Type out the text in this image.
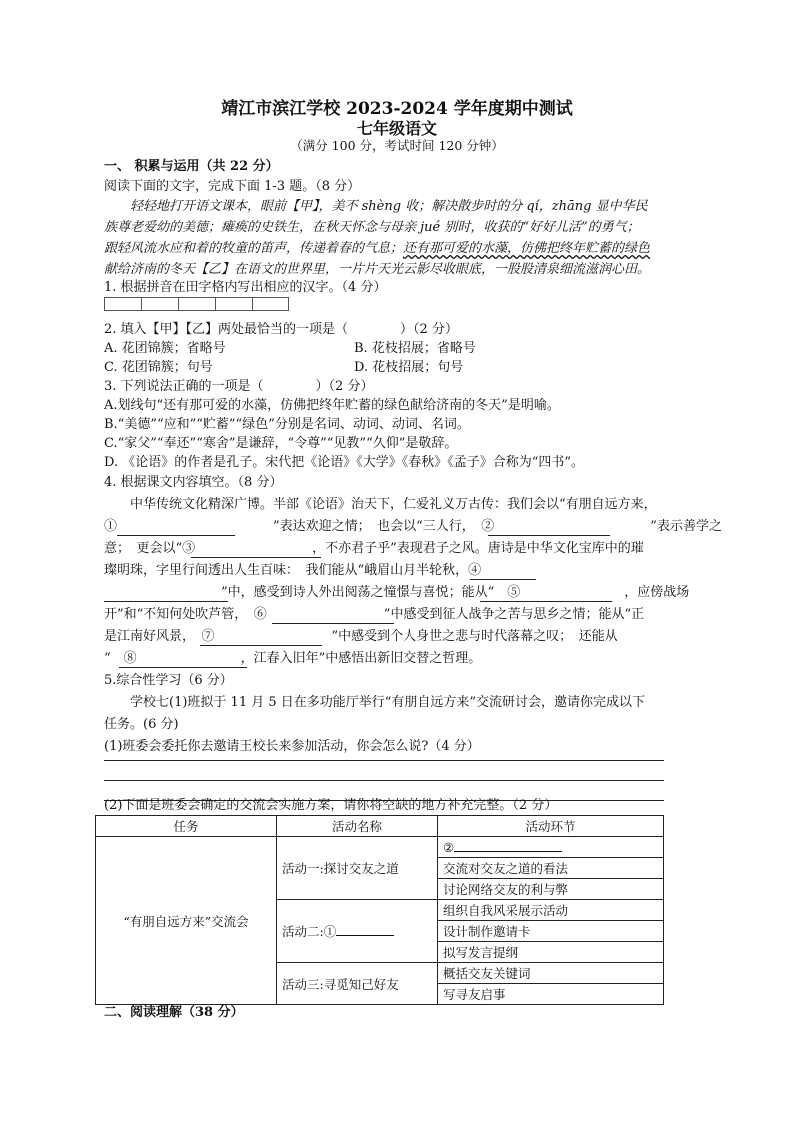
靖江市滨江学校 2023-2024 学年度期中测试
七年级语文
（满分 100 分，考试时间 120 分钟）
一、 积累与运用（共 22 分）
阅读下面的文字，完成下面 1-3 题。（8 分）
轻轻地打开语文课本，眼前【甲】，美不 shèng 收；解决散步时的分 qí，zhāng 显中华民
族尊老爱幼的美德；瘫痪的史铁生，在秋天怀念与母亲 jué 别时，收获的“好好儿活”的勇气；
跟轻风流水应和着的牧童的笛声，传递着春的气息；还有那可爱的水藻，仿佛把终年贮蓄的绿色
献给济南的冬天【乙】在语文的世界里，一片片天光云影尽收眼底，一股股清泉细流滋润心田。
1. 根据拼音在田字格内写出相应的汉字。（4 分）
2. 填入【甲】【乙】两处最恰当的一项是（　　　　）（2 分）
A. 花团锦簇；省略号	B. 花枝招展；省略号
C. 花团锦簇；句号	D. 花枝招展；句号
3. 下列说法正确的一项是（　　　　）（2 分）
A.划线句“还有那可爱的水藻，仿佛把终年贮蓄的绿色献给济南的冬天”是明喻。
B.“美德”“应和”“贮蓄”“绿色”分别是名词、动词、动词、名词。
C.“家父”“奉还”“寒舍”是谦辞，“令尊”“见教”“久仰”是敬辞。
D. 《论语》的作者是孔子。宋代把《论语》《大学》《春秋》《孟子》合称为“四书”。
4. 根据课文内容填空。（8 分）
中华传统文化精深广博。半部《论语》治天下，仁爱礼义万古传：我们会以“有朋自远方来，
①　　　　　　　　　　　　”表达欢迎之情；　也会以“三人行，　②　　　　　　　　　　　　”表示善学之
意；　更会以“③　　　　　　　　　，不亦君子乎”表现君子之风。唐诗是中华文化宝库中的璀
璨明珠，字里行间透出人生百味：　我们能从“峨眉山月半轮秋，④　　　　　　
　　　　　　　　　”中，感受到诗人外出阅荡之憧憬与喜悦；能从“　⑤　　　　　　　　，应傍战场
开”和“不知何处吹芦管，　⑥　　　　　　　　　”中感受到征人战争之苦与思乡之情；能从“正
是江南好风景，　⑦　　　　　　　　　”中感受到个人身世之悲与时代落幕之叹；　还能从
“　⑧　　　　　　　　，江春入旧年”中感悟出新旧交替之哲理。
5.综合性学习（6 分）
学校七(1)班拟于 11 月 5 日在多功能厅举行“有朋自远方来”交流研讨会，邀请你完成以下
任务。(6 分)
(1)班委会委托你去邀请王校长来参加活动，你会怎么说?（4 分）
(2)下面是班委会确定的交流会实施方案，请你将空缺的地方补充完整。（2 分）
任务	活动名称	活动环节
“有朋自远方来”交流会	活动一:探讨交友之道	②
		交流对交友之道的看法
		讨论网络交友的利与弊
	活动二:①	组织自我风采展示活动
		设计制作邀请卡
		拟写发言提纲
	活动三:寻觅知己好友	概括交友关键词
		写寻友启事
二、阅读理解（38 分）
